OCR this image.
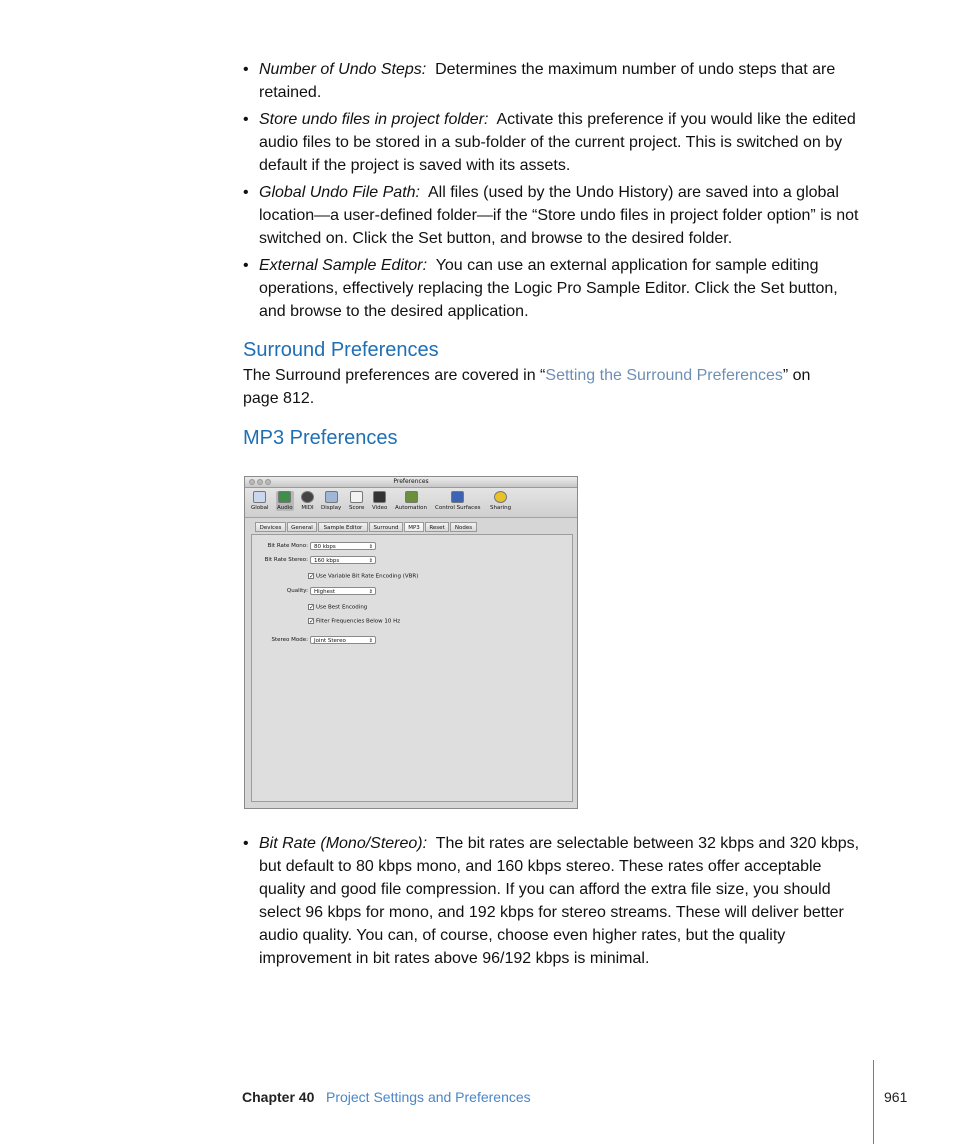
• Number of Undo Steps: Determines the maximum number of undo steps that are retained.
• Store undo files in project folder: Activate this preference if you would like the edited audio files to be stored in a sub-folder of the current project. This is switched on by default if the project is saved with its assets.
• Global Undo File Path: All files (used by the Undo History) are saved into a global location—a user-defined folder—if the “Store undo files in project folder option” is not switched on. Click the Set button, and browse to the desired folder.
• External Sample Editor: You can use an external application for sample editing operations, effectively replacing the Logic Pro Sample Editor. Click the Set button, and browse to the desired application.
Surround Preferences

The Surround preferences are covered in “Setting the Surround Preferences” on page 812.

MP3 Preferences
Preferences
Global Audio MIDI Display Score Video Automation Control Surfaces Sharing
Devices	General	Sample Editor	Surround	MP3	Reset	Nodes
Bit Rate Mono:	80 kbps	⇕
Bit Rate Stereo:	160 kbps	⇕
✓ Use Variable Bit Rate Encoding (VBR)
Quality:	Highest	⇕
✓ Use Best Encoding
✓ Filter Frequencies Below 10 Hz
Stereo Mode:	Joint Stereo	⇕
• Bit Rate (Mono/Stereo): The bit rates are selectable between 32 kbps and 320 kbps, but default to 80 kbps mono, and 160 kbps stereo. These rates offer acceptable quality and good file compression. If you can afford the extra file size, you should select 96 kbps for mono, and 192 kbps for stereo streams. These will deliver better audio quality. You can, of course, choose even higher rates, but the quality improvement in bit rates above 96/192 kbps is minimal.
Chapter 40 Project Settings and Preferences	961
